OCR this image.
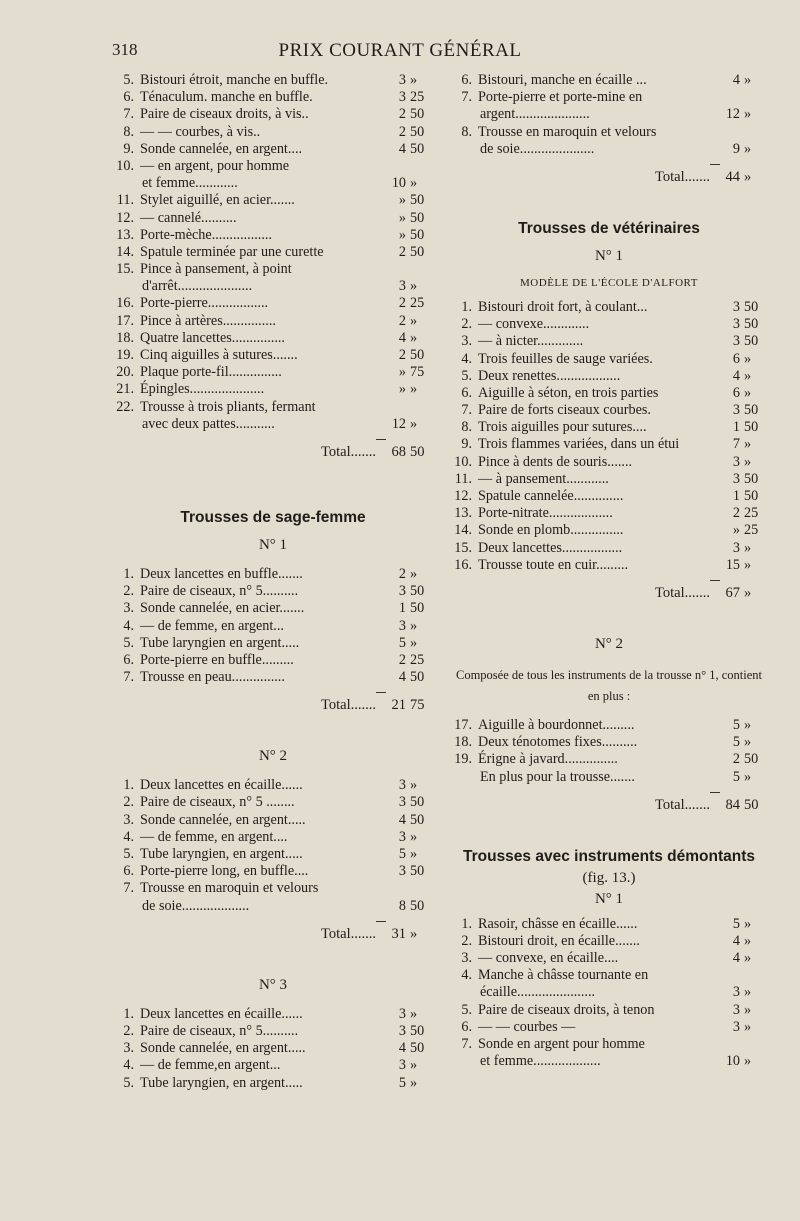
318	PRIX COURANT GÉNÉRAL
5. Bistouri étroit, manche en buffle.	3 »
6. Ténaculum. manche en buffle.	3 25
7. Paire de ciseaux droits, à vis..	2 50
8. — — courbes, à vis..	2 50
9. Sonde cannelée, en argent....	4 50
10. — en argent, pour homme
et femme............	10 »
11. Stylet aiguillé, en acier.......	» 50
12. — cannelé..........	» 50
13. Porte-mèche.................	» 50
14. Spatule terminée par une curette	2 50
15. Pince à pansement, à point
d'arrêt.....................	3 »
16. Porte-pierre.................	2 25
17. Pince à artères...............	2 »
18. Quatre lancettes...............	4 »
19. Cinq aiguilles à sutures.......	2 50
20. Plaque porte-fil...............	» 75
21. Épingles.....................	» »
22. Trousse à trois pliants, fermant
avec deux pattes...........	12 »
Total.......	68 50
Trousses de sage-femme
N° 1
1. Deux lancettes en buffle.......	2 »
2. Paire de ciseaux, n° 5..........	3 50
3. Sonde cannelée, en acier.......	1 50
4. — de femme, en argent...	3 »
5. Tube laryngien en argent.....	5 »
6. Porte-pierre en buffle.........	2 25
7. Trousse en peau...............	4 50
Total.......	21 75
N° 2
1. Deux lancettes en écaille......	3 »
2. Paire de ciseaux, n° 5 ........	3 50
3. Sonde cannelée, en argent.....	4 50
4. — de femme, en argent....	3 »
5. Tube laryngien, en argent.....	5 »
6. Porte-pierre long, en buffle....	3 50
7. Trousse en maroquin et velours
de soie...................	8 50
Total.......	31 »
N° 3
1. Deux lancettes en écaille......	3 »
2. Paire de ciseaux, n° 5..........	3 50
3. Sonde cannelée, en argent.....	4 50
4. — de femme,en argent...	3 »
5. Tube laryngien, en argent.....	5 »
6. Bistouri, manche en écaille ...	4 »
7. Porte-pierre et porte-mine en
argent.....................	12 »
8. Trousse en maroquin et velours
de soie.....................	9 »
Total.......	44 »
Trousses de vétérinaires
N° 1
MODÈLE DE L'ÉCOLE D'ALFORT
1. Bistouri droit fort, à coulant...	3 50
2. — convexe.............	3 50
3. — à nicter.............	3 50
4. Trois feuilles de sauge variées.	6 »
5. Deux renettes..................	4 »
6. Aiguille à séton, en trois parties	6 »
7. Paire de forts ciseaux courbes.	3 50
8. Trois aiguilles pour sutures....	1 50
9. Trois flammes variées, dans un étui	7 »
10. Pince à dents de souris.......	3 »
11. — à pansement............	3 50
12. Spatule cannelée..............	1 50
13. Porte-nitrate..................	2 25
14. Sonde en plomb...............	» 25
15. Deux lancettes.................	3 »
16. Trousse toute en cuir.........	15 »
Total.......	67 »
N° 2
Composée de tous les instruments de la trousse n° 1, contient en plus :
17. Aiguille à bourdonnet.........	5 »
18. Deux ténotomes fixes..........	5 »
19. Érigne à javard...............	2 50
En plus pour la trousse.......	5 »
Total.......	84 50
Trousses avec instruments démontants
(fig. 13.)
N° 1
1. Rasoir, châsse en écaille......	5 »
2. Bistouri droit, en écaille.......	4 »
3. — convexe, en écaille....	4 »
4. Manche à châsse tournante en
écaille......................	3 »
5. Paire de ciseaux droits, à tenon	3 »
6. — — courbes —	3 »
7. Sonde en argent pour homme
et femme...................	10 »
